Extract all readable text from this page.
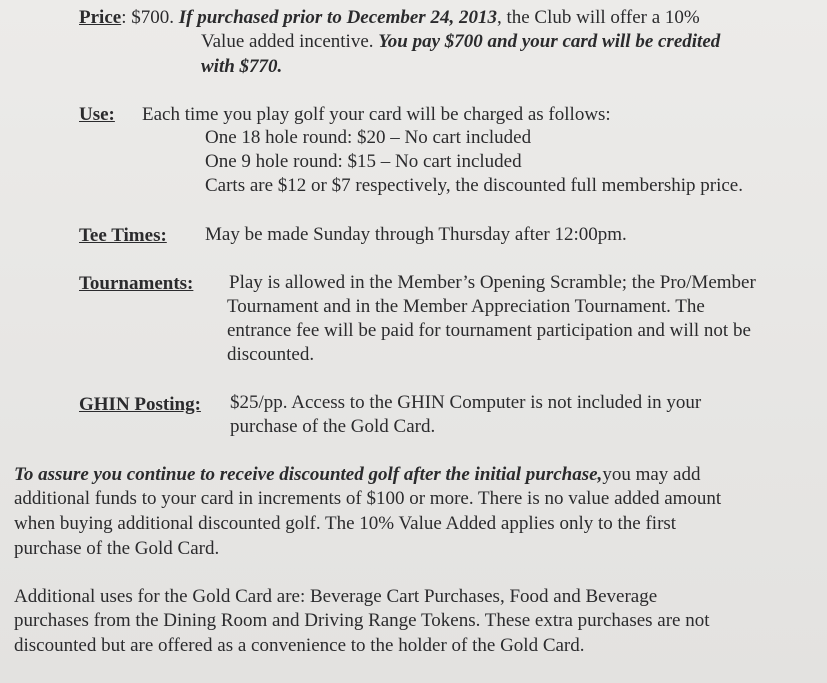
Price: $700. If purchased prior to December 24, 2013, the Club will offer a 10%
Value added incentive. You pay $700 and your card will be credited
with $770.
Use: Each time you play golf your card will be charged as follows:
One 18 hole round: $20 – No cart included
One 9 hole round: $15 – No cart included
Carts are $12 or $7 respectively, the discounted full membership price.
Tee Times: May be made Sunday through Thursday after 12:00pm.
Tournaments: Play is allowed in the Member’s Opening Scramble; the Pro/Member
Tournament and in the Member Appreciation Tournament. The
entrance fee will be paid for tournament participation and will not be
discounted.
GHIN Posting: $25/pp. Access to the GHIN Computer is not included in your
purchase of the Gold Card.
To assure you continue to receive discounted golf after the initial purchase,you may add
additional funds to your card in increments of $100 or more. There is no value added amount
when buying additional discounted golf. The 10% Value Added applies only to the first
purchase of the Gold Card.
Additional uses for the Gold Card are: Beverage Cart Purchases, Food and Beverage
purchases from the Dining Room and Driving Range Tokens. These extra purchases are not
discounted but are offered as a convenience to the holder of the Gold Card.
